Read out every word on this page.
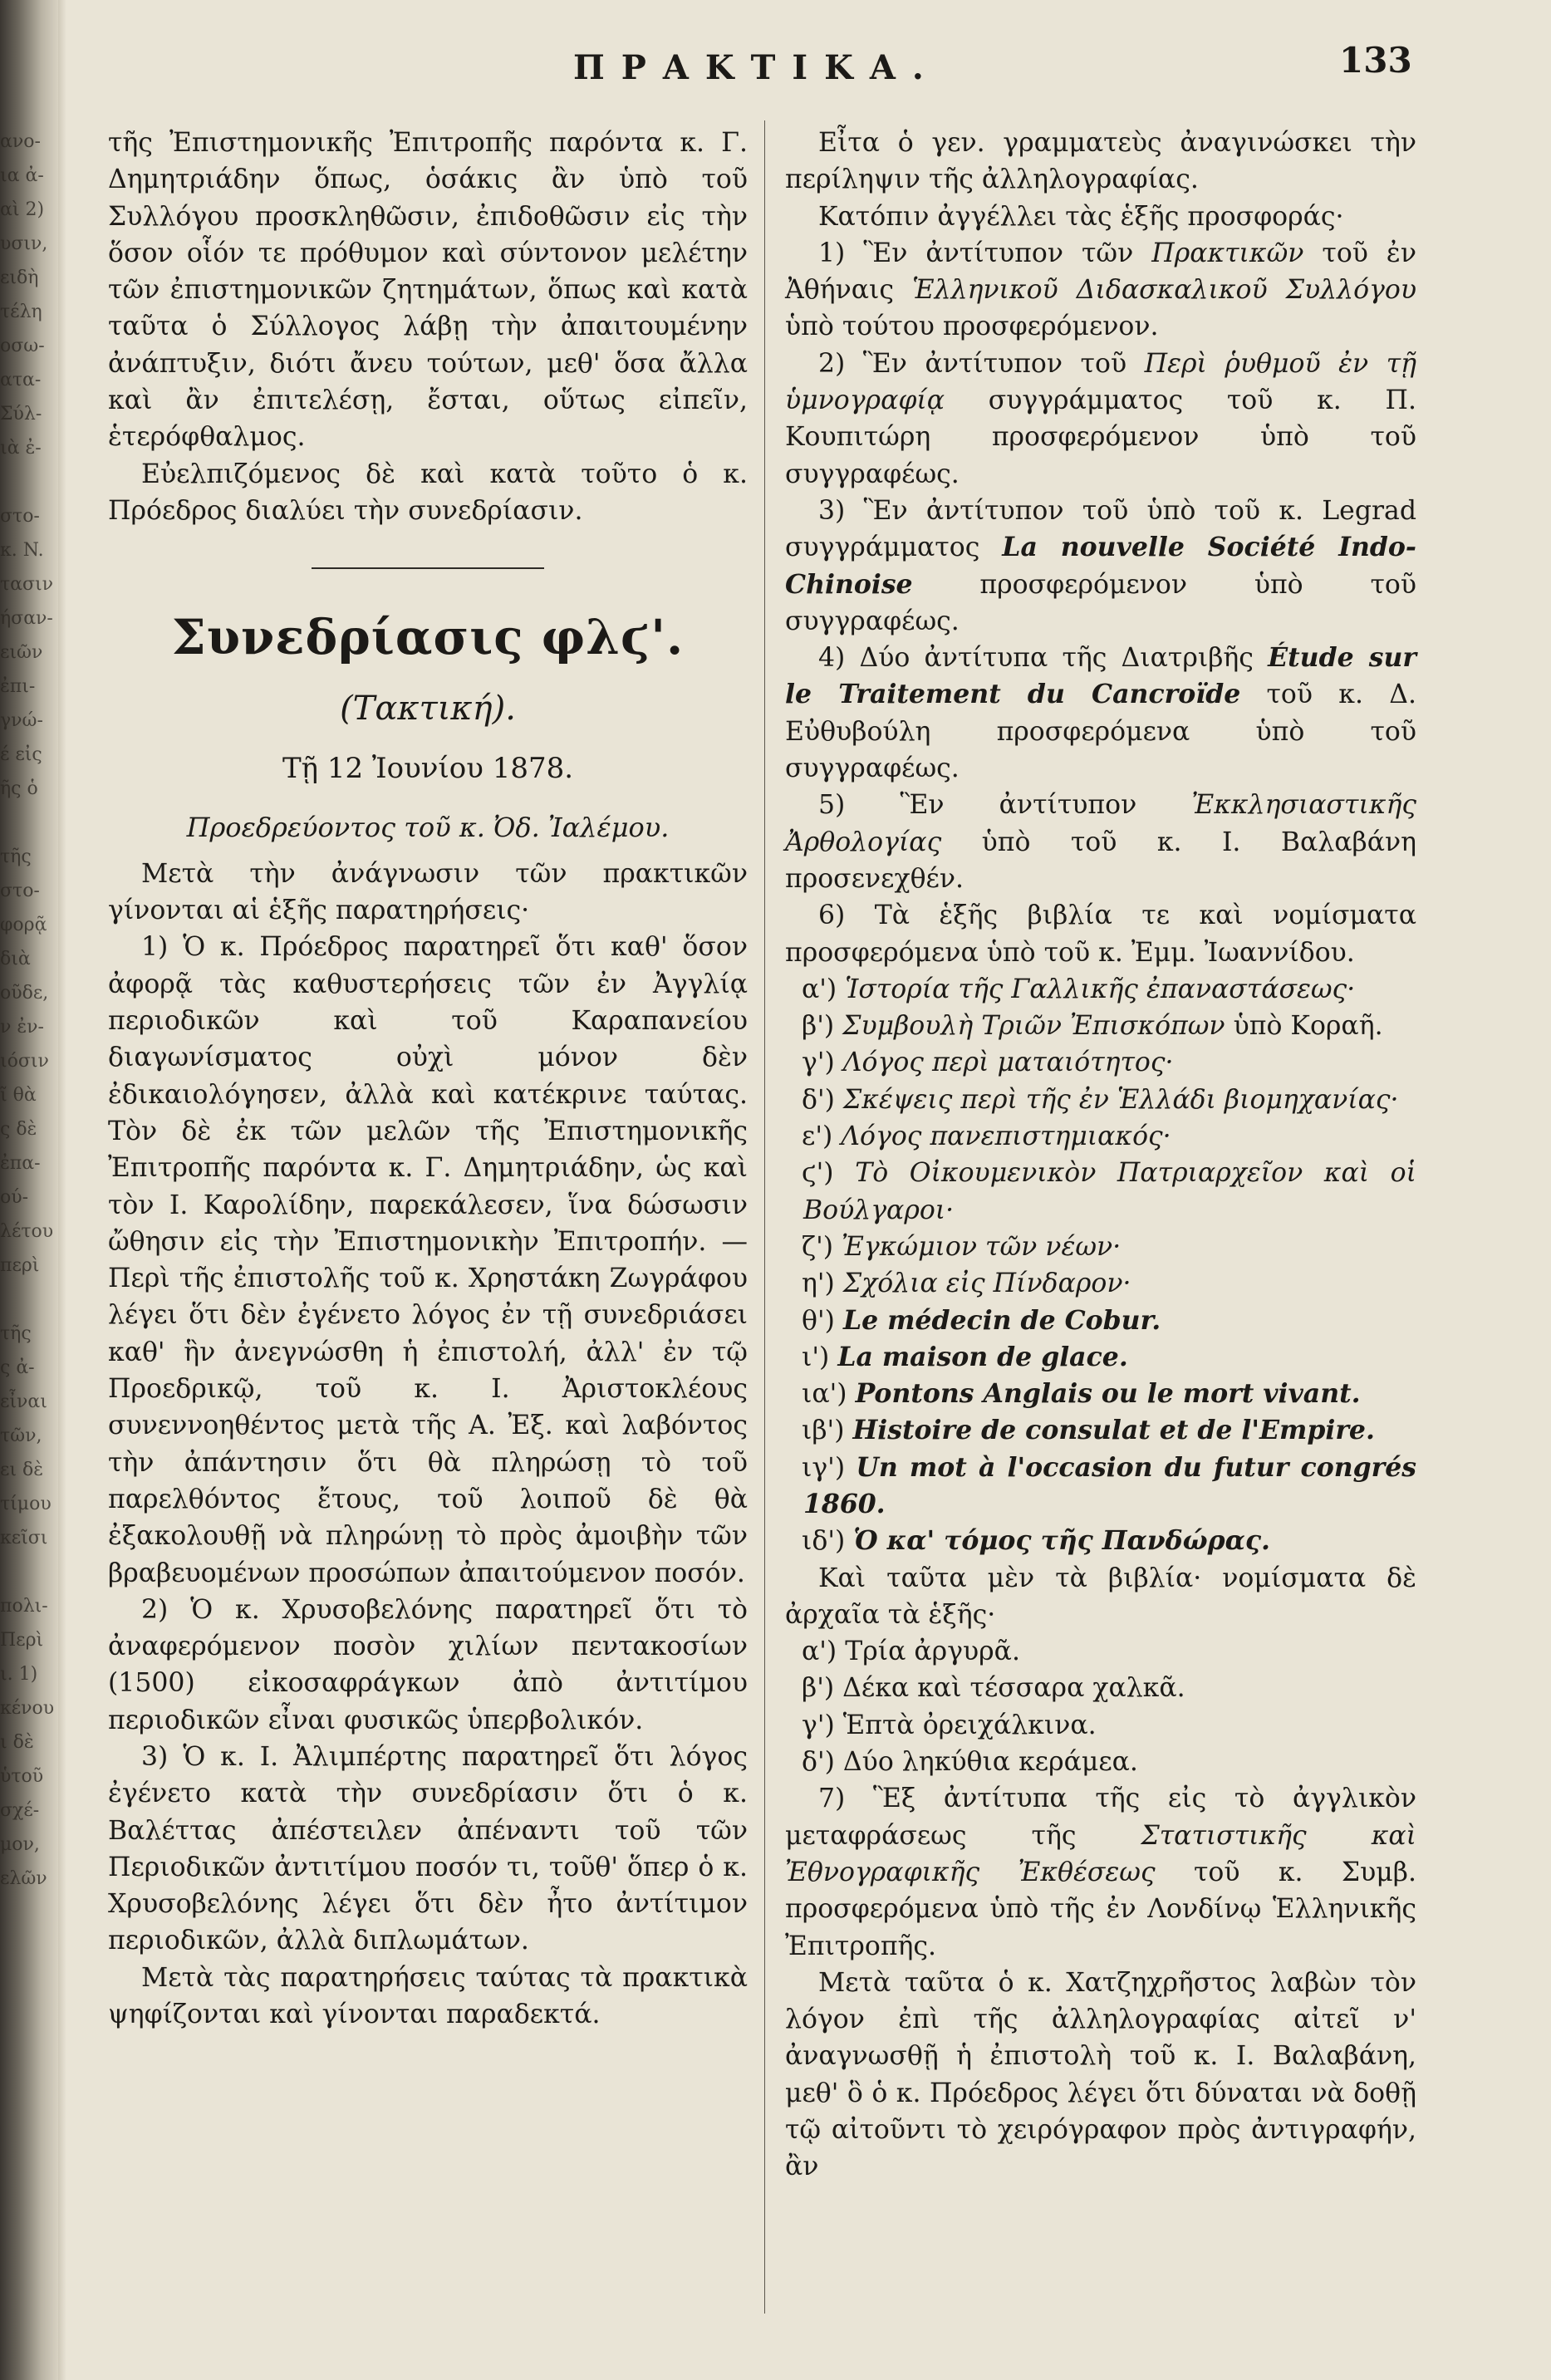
ανο-
ια ἀ-
αὶ 2)
υσιν,
ειδὴ
τέλη
οσω-
ατα-
Σύλ-
ιὰ ἐ-

στο-
κ. N.
τασιν
ήσαν-
ειῶν
ἐπι-
γνώ-
έ εἰς
ῆς ὁ

τῆς
στο-
φορᾷ
διὰ
οῦδε,
ν ἐν-
ιόσιν
ῖ θὰ
ς δὲ
ἐπα-
ού-
λέτου
περὶ

τῆς
ς ἀ-
εἶναι
τῶν,
ει δὲ
τίμου
κεῖσι

πολι-
Περὶ
ι. 1)
κένου
ι δὲ
ὑτοῦ
σχέ-
μον,
ελῶν
ΠΡΑΚΤΙΚΑ.	133

τῆς Ἐπιστημονικῆς Ἐπιτροπῆς παρόντα κ. Γ. Δημητριάδην ὅπως, ὁσάκις ἂν ὑπὸ τοῦ Συλλόγου προσκληθῶσιν, ἐπιδοθῶσιν εἰς τὴν ὅσον οἷόν τε πρόθυμον καὶ σύντονον μελέτην τῶν ἐπιστημονικῶν ζητημάτων, ὅπως καὶ κατὰ ταῦτα ὁ Σύλλογος λάβῃ τὴν ἀπαιτουμένην ἀνάπτυξιν, διότι ἄνευ τούτων, μεθ' ὅσα ἄλλα καὶ ἂν ἐπιτελέσῃ, ἔσται, οὕτως εἰπεῖν, ἑτερόφθαλμος.

Εὐελπιζόμενος δὲ καὶ κατὰ τοῦτο ὁ κ. Πρόεδρος διαλύει τὴν συνεδρίασιν.

Συνεδρίασις φλϛ'.
(Τακτική).
Τῇ 12 Ἰουνίου 1878.
Προεδρεύοντος τοῦ κ. Ὀδ. Ἰαλέμου.

Μετὰ τὴν ἀνάγνωσιν τῶν πρακτικῶν γίνονται αἱ ἑξῆς παρατηρήσεις·

1) Ὁ κ. Πρόεδρος παρατηρεῖ ὅτι καθ' ὅσον ἀφορᾷ τὰς καθυστερήσεις τῶν ἐν Ἀγγλίᾳ περιοδικῶν καὶ τοῦ Καραπανείου διαγωνίσματος οὐχὶ μόνον δὲν ἐδικαιολόγησεν, ἀλλὰ καὶ κατέκρινε ταύτας. Τὸν δὲ ἐκ τῶν μελῶν τῆς Ἐπιστημονικῆς Ἐπιτροπῆς παρόντα κ. Γ. Δημητριάδην, ὡς καὶ τὸν Ι. Καρολίδην, παρεκάλεσεν, ἵνα δώσωσιν ὤθησιν εἰς τὴν Ἐπιστημονικὴν Ἐπιτροπήν. — Περὶ τῆς ἐπιστολῆς τοῦ κ. Χρηστάκη Ζωγράφου λέγει ὅτι δὲν ἐγένετο λόγος ἐν τῇ συνεδριάσει καθ' ἣν ἀνεγνώσθη ἡ ἐπιστολή, ἀλλ' ἐν τῷ Προεδρικῷ, τοῦ κ. Ι. Ἀριστοκλέους συνεννοηθέντος μετὰ τῆς Α. Ἐξ. καὶ λαβόντος τὴν ἀπάντησιν ὅτι θὰ πληρώσῃ τὸ τοῦ παρελθόντος ἔτους, τοῦ λοιποῦ δὲ θὰ ἐξακολουθῇ νὰ πληρώνῃ τὸ πρὸς ἀμοιβὴν τῶν βραβευομένων προσώπων ἀπαιτούμενον ποσόν.

2) Ὁ κ. Χρυσοβελόνης παρατηρεῖ ὅτι τὸ ἀναφερόμενον ποσὸν χιλίων πεντακοσίων (1500) εἰκοσαφράγκων ἀπὸ ἀντιτίμου περιοδικῶν εἶναι φυσικῶς ὑπερβολικόν.

3) Ὁ κ. Ι. Ἀλιμπέρτης παρατηρεῖ ὅτι λόγος ἐγένετο κατὰ τὴν συνεδρίασιν ὅτι ὁ κ. Βαλέττας ἀπέστειλεν ἀπέναντι τοῦ τῶν Περιοδικῶν ἀντιτίμου ποσόν τι, τοῦθ' ὅπερ ὁ κ. Χρυσοβελόνης λέγει ὅτι δὲν ἦτο ἀντίτιμον περιοδικῶν, ἀλλὰ διπλωμάτων.

Μετὰ τὰς παρατηρήσεις ταύτας τὰ πρακτικὰ ψηφίζονται καὶ γίνονται παραδεκτά.

Εἶτα ὁ γεν. γραμματεὺς ἀναγινώσκει τὴν περίληψιν τῆς ἀλληλογραφίας.

Κατόπιν ἀγγέλλει τὰς ἑξῆς προσφοράς·

1) Ἓν ἀντίτυπον τῶν Πρακτικῶν τοῦ ἐν Ἀθήναις Ἑλληνικοῦ Διδασκαλικοῦ Συλλόγου ὑπὸ τούτου προσφερόμενον.

2) Ἓν ἀντίτυπον τοῦ Περὶ ῥυθμοῦ ἐν τῇ ὑμνογραφίᾳ συγγράμματος τοῦ κ. Π. Κουπιτώρη προσφερόμενον ὑπὸ τοῦ συγγραφέως.

3) Ἓν ἀντίτυπον τοῦ ὑπὸ τοῦ κ. Legrad συγγράμματος La nouvelle Société Indo-Chinoise προσφερόμενον ὑπὸ τοῦ συγγραφέως.

4) Δύο ἀντίτυπα τῆς Διατριβῆς Étude sur le Traitement du Cancroïde τοῦ κ. Δ. Εὐθυβούλη προσφερόμενα ὑπὸ τοῦ συγγραφέως.

5) Ἓν ἀντίτυπον Ἐκκλησιαστικῆς Ἀρθολογίας ὑπὸ τοῦ κ. Ι. Βαλαβάνη προσενεχθέν.

6) Τὰ ἑξῆς βιβλία τε καὶ νομίσματα προσφερόμενα ὑπὸ τοῦ κ. Ἐμμ. Ἰωαννίδου.

α') Ἱστορία τῆς Γαλλικῆς ἐπαναστάσεως·

β') Συμβουλὴ Τριῶν Ἐπισκόπων ὑπὸ Κοραῆ.

γ') Λόγος περὶ ματαιότητος·

δ') Σκέψεις περὶ τῆς ἐν Ἑλλάδι βιομηχανίας·

ε') Λόγος πανεπιστημιακός·

ϛ') Τὸ Οἰκουμενικὸν Πατριαρχεῖον καὶ οἱ Βούλγαροι·

ζ') Ἐγκώμιον τῶν νέων·

η') Σχόλια εἰς Πίνδαρον·

θ') Le médecin de Cobur.

ι') La maison de glace.

ια') Pontons Anglais ou le mort vivant.

ιβ') Histoire de consulat et de l'Empire.

ιγ') Un mot à l'occasion du futur congrés 1860.

ιδ') Ὁ κα' τόμος τῆς Πανδώρας.

Καὶ ταῦτα μὲν τὰ βιβλία· νομίσματα δὲ ἀρχαῖα τὰ ἑξῆς·

α') Τρία ἀργυρᾶ.

β') Δέκα καὶ τέσσαρα χαλκᾶ.

γ') Ἑπτὰ ὀρειχάλκινα.

δ') Δύο ληκύθια κεράμεα.

7) Ἓξ ἀντίτυπα τῆς εἰς τὸ ἀγγλικὸν μεταφράσεως τῆς Στατιστικῆς καὶ Ἐθνογραφικῆς Ἐκθέσεως τοῦ κ. Συμβ. προσφερόμενα ὑπὸ τῆς ἐν Λονδίνῳ Ἑλληνικῆς Ἐπιτροπῆς.

Μετὰ ταῦτα ὁ κ. Χατζηχρῆστος λαβὼν τὸν λόγον ἐπὶ τῆς ἀλληλογραφίας αἰτεῖ ν' ἀναγνωσθῇ ἡ ἐπιστολὴ τοῦ κ. Ι. Βαλαβάνη, μεθ' ὃ ὁ κ. Πρόεδρος λέγει ὅτι δύναται νὰ δοθῇ τῷ αἰτοῦντι τὸ χειρόγραφον πρὸς ἀντιγραφήν, ἂν
